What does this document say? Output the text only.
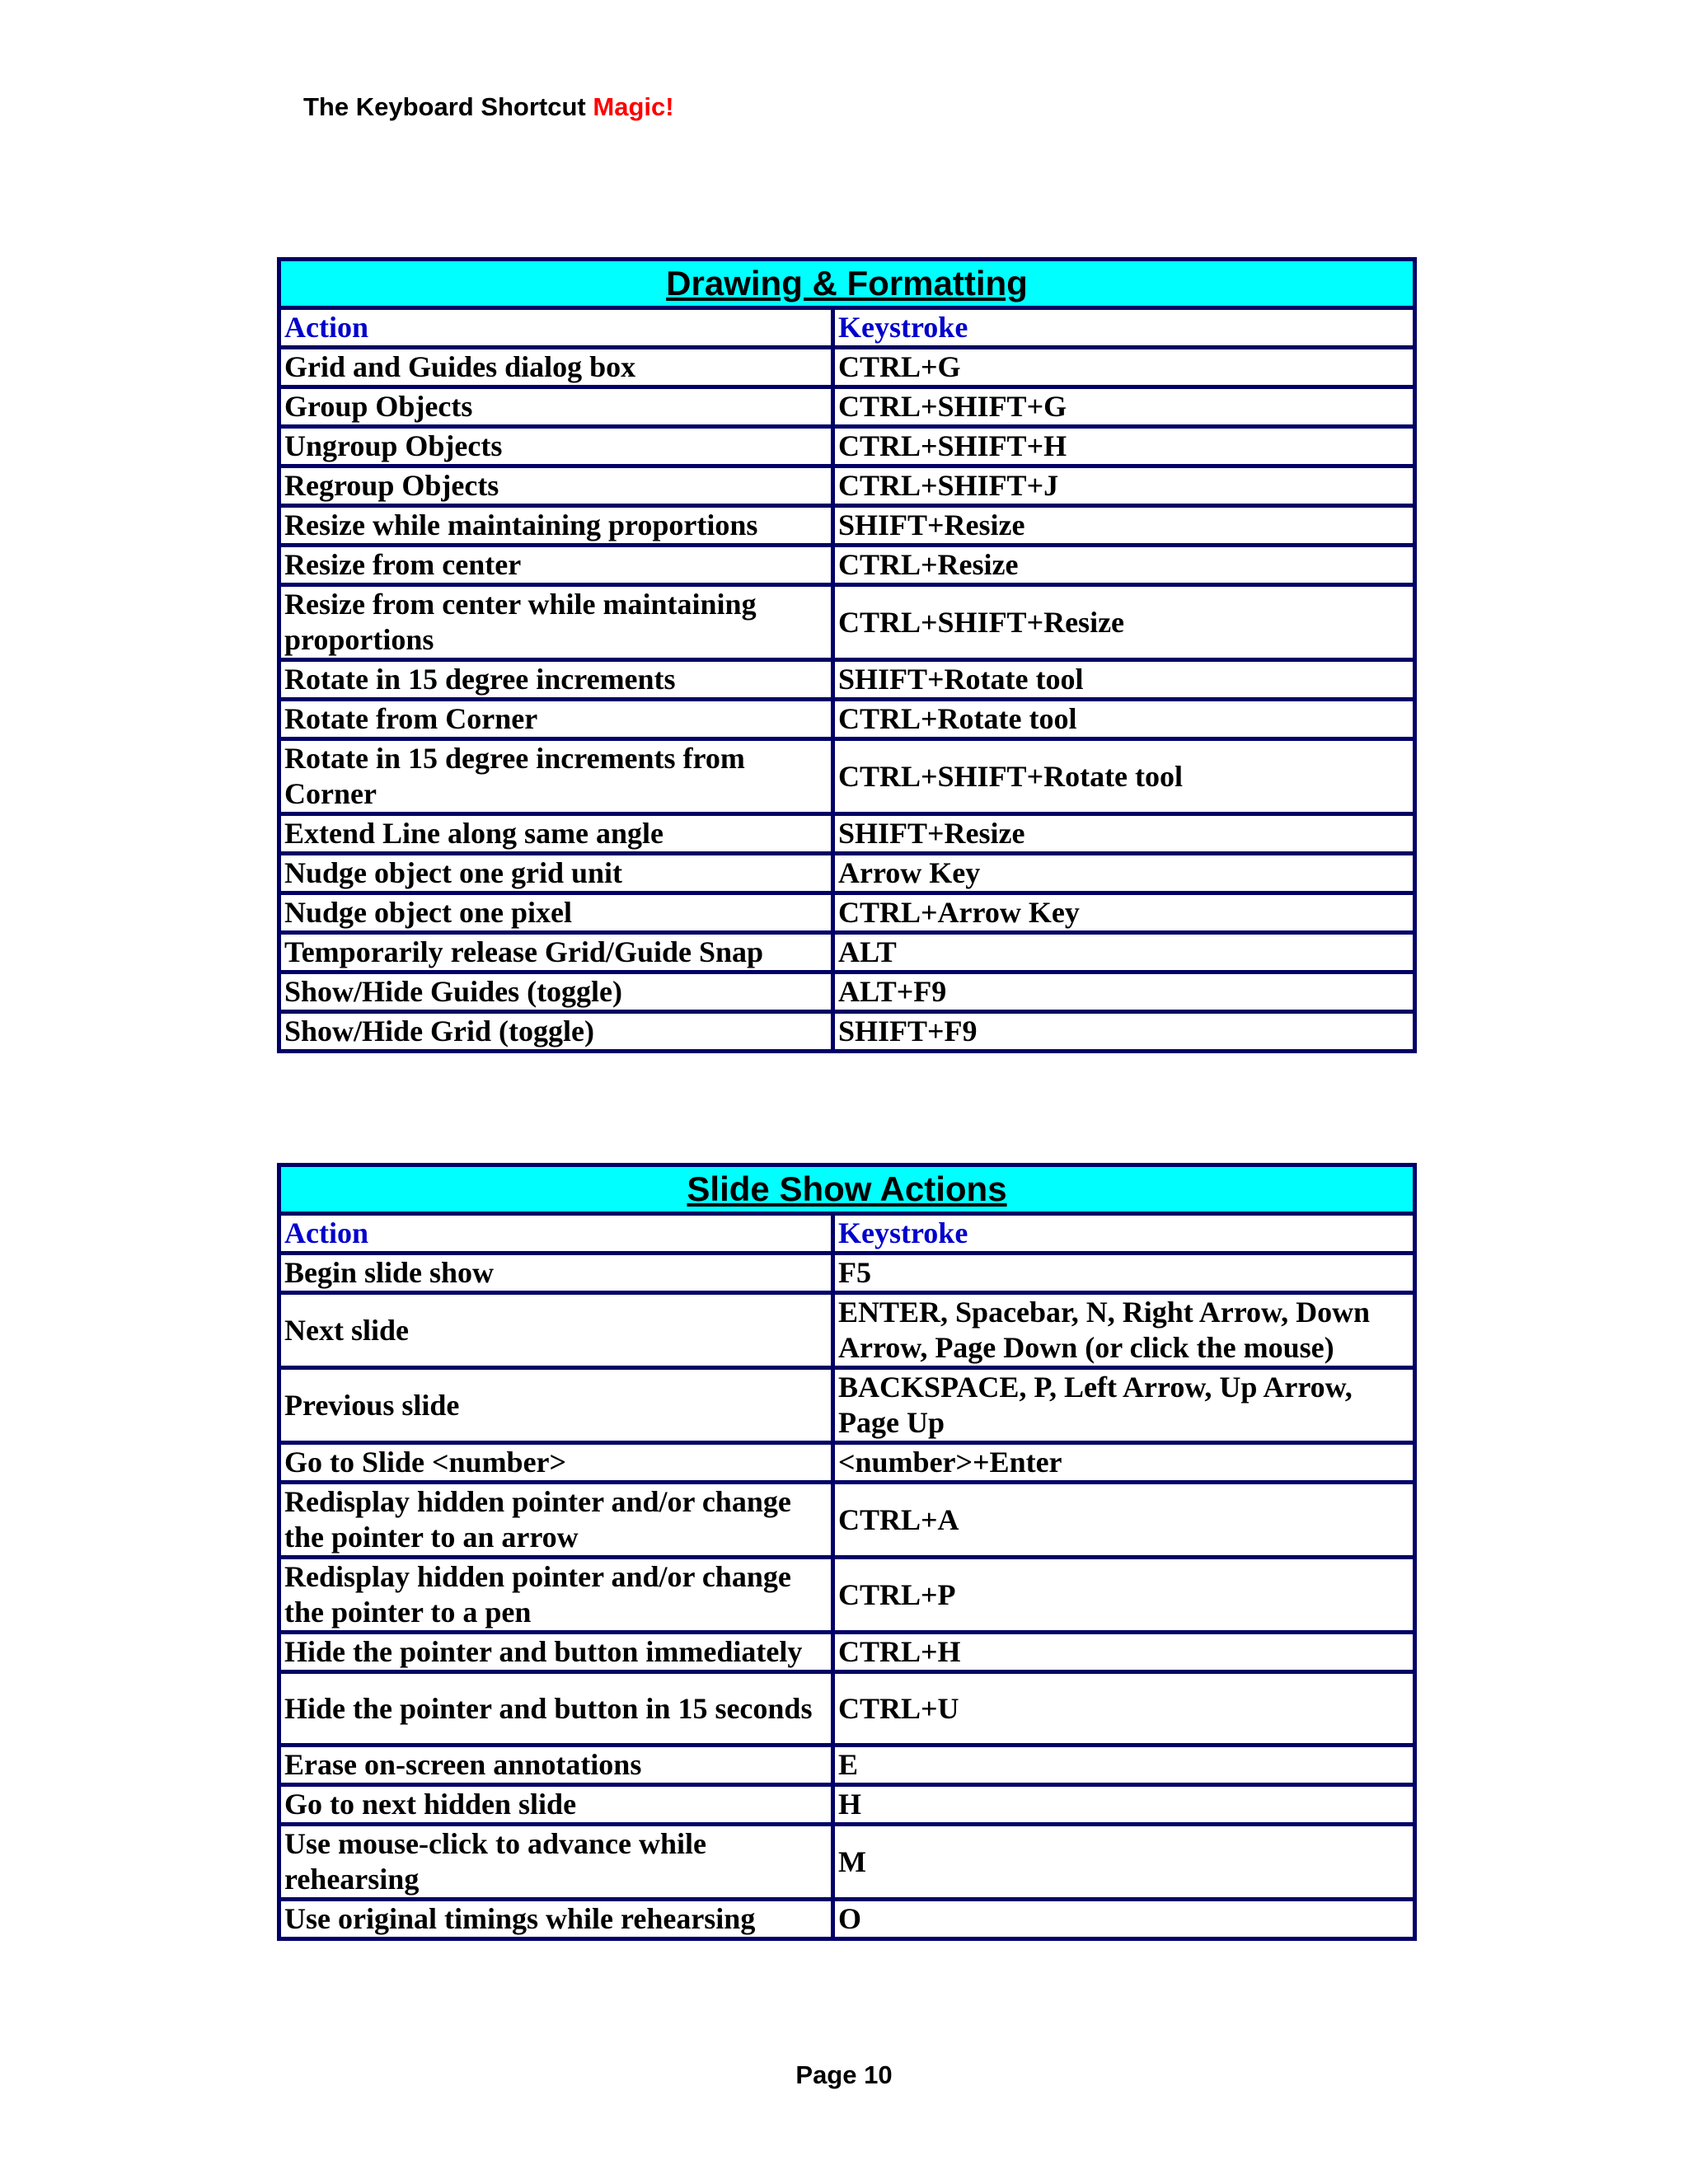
The Keyboard Shortcut Magic!
Drawing & Formatting	
Action	Keystroke
Grid and Guides dialog box	CTRL+G
Group Objects	CTRL+SHIFT+G
Ungroup Objects	CTRL+SHIFT+H
Regroup Objects	CTRL+SHIFT+J
Resize while maintaining proportions	SHIFT+Resize
Resize from center	CTRL+Resize
Resize from center while maintaining proportions	CTRL+SHIFT+Resize
Rotate in 15 degree increments	SHIFT+Rotate tool
Rotate from Corner	CTRL+Rotate tool
Rotate in 15 degree increments from Corner	CTRL+SHIFT+Rotate tool
Extend Line along same angle	SHIFT+Resize
Nudge object one grid unit	Arrow Key
Nudge object one pixel	CTRL+Arrow Key
Temporarily release Grid/Guide Snap	ALT
Show/Hide Guides (toggle)	ALT+F9
Show/Hide Grid (toggle)	SHIFT+F9
Slide Show Actions	
Action	Keystroke
Begin slide show	F5
Next slide	ENTER, Spacebar, N, Right Arrow, Down Arrow, Page Down (or click the mouse)
Previous slide	BACKSPACE, P, Left Arrow, Up Arrow, Page Up
Go to Slide <number>	<number>+Enter
Redisplay hidden pointer and/or change the pointer to an arrow	CTRL+A
Redisplay hidden pointer and/or change the pointer to a pen	CTRL+P
Hide the pointer and button immediately	CTRL+H
Hide the pointer and button in 15 seconds	CTRL+U
Erase on-screen annotations	E
Go to next hidden slide	H
Use mouse-click to advance while rehearsing	M
Use original timings while rehearsing	O
Page 10
